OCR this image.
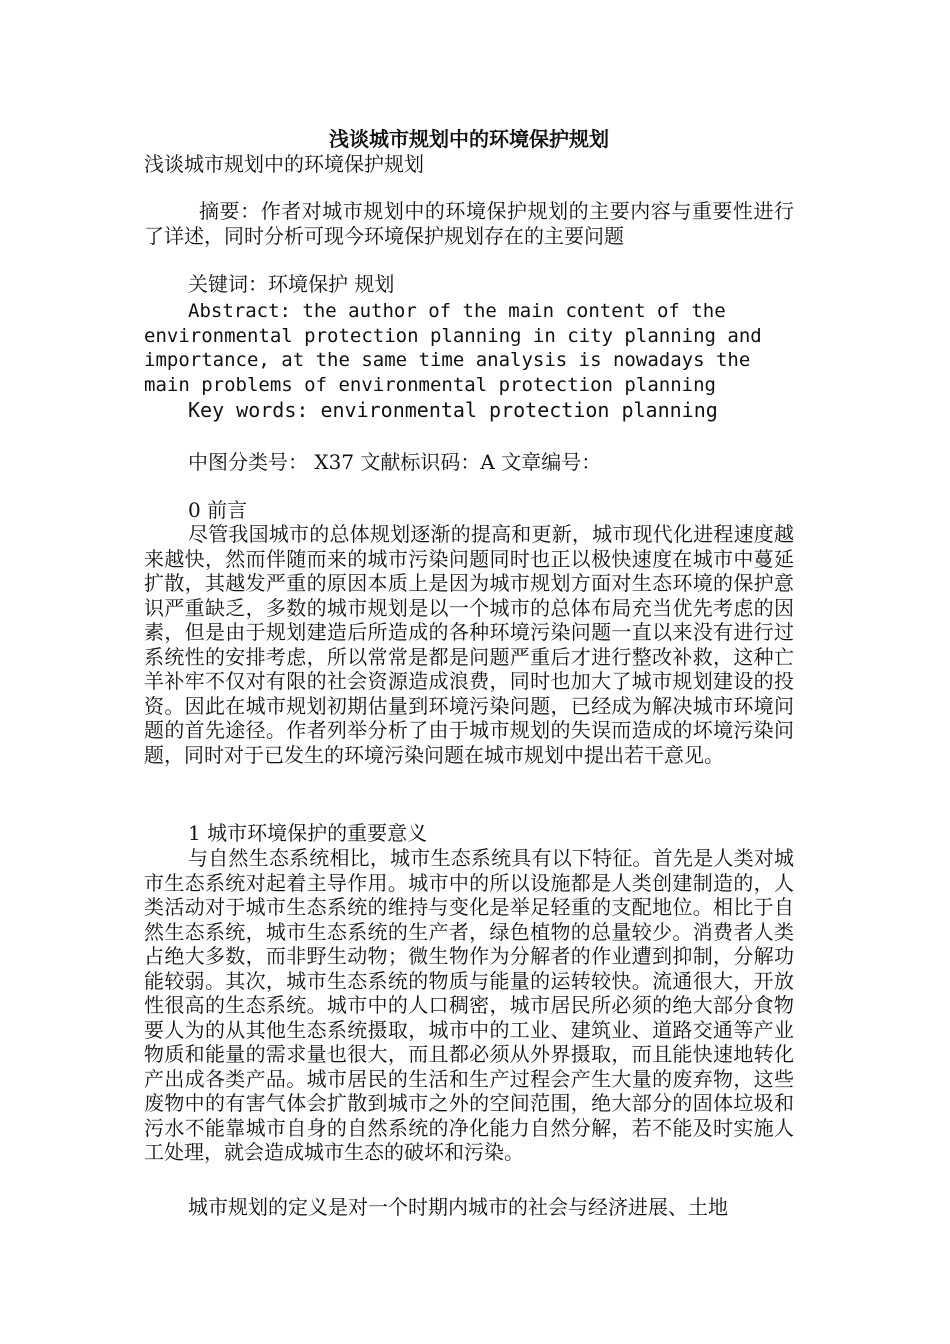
浅谈城市规划中的环境保护规划
浅谈城市规划中的环境保护规划
摘要：作者对城市规划中的环境保护规划的主要内容与重要性进行了详述，同时分析可现今环境保护规划存在的主要问题
关键词：环境保护 规划
Abstract: the author of the main content of the environmental protection planning in city planning and importance, at the same time analysis is nowadays the main problems of environmental protection planning
Key words: environmental protection planning
中图分类号： X37 文献标识码：A 文章编号：
0 前言
尽管我国城市的总体规划逐渐的提高和更新，城市现代化进程速度越来越快，然而伴随而来的城市污染问题同时也正以极快速度在城市中蔓延扩散，其越发严重的原因本质上是因为城市规划方面对生态环境的保护意识严重缺乏，多数的城市规划是以一个城市的总体布局充当优先考虑的因素，但是由于规划建造后所造成的各种环境污染问题一直以来没有进行过系统性的安排考虑，所以常常是都是问题严重后才进行整改补救，这种亡羊补牢不仅对有限的社会资源造成浪费，同时也加大了城市规划建设的投资。因此在城市规划初期估量到环境污染问题，已经成为解决城市环境问题的首先途径。作者列举分析了由于城市规划的失误而造成的坏境污染问题，同时对于已发生的环境污染问题在城市规划中提出若干意见。
1 城市环境保护的重要意义
与自然生态系统相比，城市生态系统具有以下特征。首先是人类对城市生态系统对起着主导作用。城市中的所以设施都是人类创建制造的，人类活动对于城市生态系统的维持与变化是举足轻重的支配地位。相比于自然生态系统，城市生态系统的生产者，绿色植物的总量较少。消费者人类占绝大多数，而非野生动物；微生物作为分解者的作业遭到抑制，分解功能较弱。其次，城市生态系统的物质与能量的运转较快。流通很大，开放性很高的生态系统。城市中的人口稠密，城市居民所必须的绝大部分食物要人为的从其他生态系统摄取，城市中的工业、建筑业、道路交通等产业物质和能量的需求量也很大，而且都必须从外界摄取，而且能快速地转化产出成各类产品。城市居民的生活和生产过程会产生大量的废弃物，这些废物中的有害气体会扩散到城市之外的空间范围，绝大部分的固体垃圾和污水不能靠城市自身的自然系统的净化能力自然分解，若不能及时实施人工处理，就会造成城市生态的破坏和污染。
城市规划的定义是对一个时期内城市的社会与经济进展、土地
